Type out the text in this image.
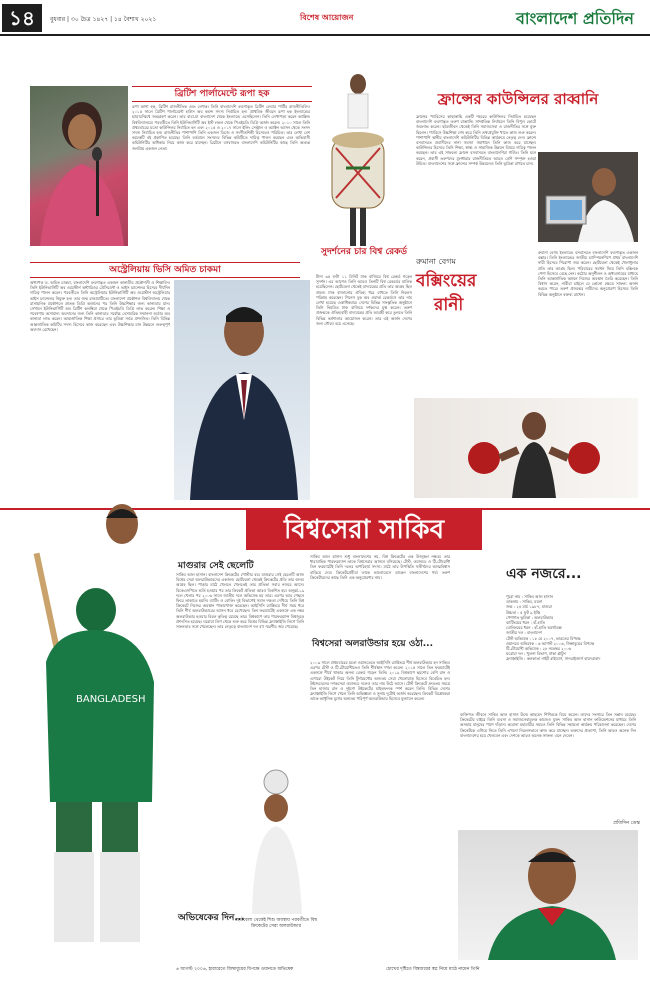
১৪	বুধবার | ৩০ চৈত্র ১৪২৭ | ১৪ বৈশাখ ২০২১	বিশেষ আয়োজন	বাংলাদেশ প্রতিদিন
ব্রিটিশ পার্লামেন্টে রূপা হক
রূপা আশা হক, ব্রিটিশ রাজনীতিক এবং লেখক। তিনি বাংলাদেশি বংশোদ্ভূত ব্রিটিশ লেবার পার্টির রাজনীতিবিদ। ২০১৫ সালে ব্রিটিশ পার্লামেন্টে হাউস অব কমন্স সদস্য নির্বাচিত হন। প্রাথমিক জীবনে রূপা হক ইংল্যান্ডের হ্যামারস্মিথে জন্মগ্রহণ করেন। তার বাবা-মা বাংলাদেশ থেকে ইংল্যান্ডে এসেছিলেন। তিনি লেখাপড়া করেন ক্যাম্ব্রিজ বিশ্ববিদ্যালয়ে। পরবর্তীতে তিনি ইউনিভার্সিটি অব ইস্ট লন্ডন থেকে পিএইচডি ডিগ্রি অর্জন করেন। ২০১০ সালে তিনি প্রথমবারের মতো কাউন্সিলর নির্বাচিত হন এবং ২০১৫ ও ২০১৭ সালে ইলিং সেন্ট্রাল ও অ্যাক্টন আসন থেকে সংসদ সদস্য নির্বাচিত হন। রাজনীতির পাশাপাশি তিনি একজন ডিজে ও সংগীতশিল্পী হিসেবেও পরিচিত। তার লেখা বেশ কয়েকটি বই প্রকাশিত হয়েছে। তিনি বর্তমানে সংসদের বিভিন্ন কমিটিতে দায়িত্ব পালন করছেন এবং অভিবাসী কমিউনিটির অধিকার নিয়ে কাজ করে যাচ্ছেন। ব্রিটেনে বসবাসরত বাংলাদেশি কমিউনিটির কাছে তিনি অত্যন্ত জনপ্রিয় একজন নেতা।
সুদর্শনের চার বিশ্ব রেকর্ড
টানা ৩৫ ঘণ্টা ১১ মিনিট ঢাক বাজিয়ে বিশ্ব রেকর্ড গড়েন সুদর্শন। এর আগেও তিনি আরও তিনটি বিশ্ব রেকর্ডের মালিক হয়েছিলেন। ছোটবেলা থেকেই বাদ্যযন্ত্রের প্রতি তার আগ্রহ ছিল প্রবল। ঢাক বাজানোর ঐতিহ্য ধরে রাখতে তিনি নিরলস পরিশ্রম করেছেন। গিনেস বুক অব ওয়ার্ল্ড রেকর্ডসে তার নাম লেখা হয়েছে একাধিকবার। দেশের বিভিন্ন সাংস্কৃতিক অনুষ্ঠানে তিনি নিয়মিত ঢাক বাজিয়ে দর্শকদের মুগ্ধ করেন। তরুণ প্রজন্মকে ঐতিহ্যবাহী বাদ্যযন্ত্রের প্রতি আগ্রহী করে তুলতে তিনি বিভিন্ন কর্মশালার আয়োজন করেন। তার এই অর্জন দেশের জন্য গৌরব বয়ে এনেছে।
ফ্রান্সের কাউন্সিলর রাব্বানি
ফ্রান্সের প্যারিসের কাছাকাছি একটি শহরের কাউন্সিলর নির্বাচিত হয়েছেন বাংলাদেশি বংশোদ্ভূত তরুণ রাব্বানি। সাম্প্রতিক নির্বাচনে তিনি বিপুল ভোটে জয়লাভ করেন। ছাত্রজীবন থেকেই তিনি সমাজসেবা ও রাজনীতির সঙ্গে যুক্ত ছিলেন। প্যারিসে উচ্চশিক্ষা শেষ করে তিনি তথ্যপ্রযুক্তি খাতে কাজ শুরু করেন। পাশাপাশি স্থানীয় বাংলাদেশি কমিউনিটির বিভিন্ন কার্যক্রমে নেতৃত্ব দেন। ফ্রান্সে বসবাসরত প্রবাসীদের নানা সমস্যা সমাধানে তিনি কাজ করে যাচ্ছেন। কাউন্সিলর হিসেবে তিনি শিক্ষা, স্বাস্থ্য ও সামাজিক উন্নয়ন বিষয়ে দায়িত্ব পালন করছেন। তার এই সাফল্যে ফ্রান্সে বসবাসরত বাংলাদেশিরা গর্বিত। তিনি মনে করেন, প্রবাসী তরুণদের মূলধারার রাজনীতিতে আরও বেশি সম্পৃক্ত হওয়া উচিত। বাংলাদেশের সঙ্গে ফ্রান্সের সম্পর্ক উন্নয়নেও তিনি ভূমিকা রাখতে চান।
অস্ট্রেলিয়ায় ভিসি অমিত চাকমা
অধ্যাপক ড. অমিত চাকমা, বাংলাদেশি বংশোদ্ভূত একজন কানাডীয় প্রকৌশলী ও শিক্ষাবিদ। তিনি ইউনিভার্সিটি অব ওয়েস্টার্ন অন্টারিওর প্রেসিডেন্ট ও ভাইস চ্যান্সেলর হিসেবে দীর্ঘদিন দায়িত্ব পালন করেন। পরবর্তীতে তিনি অস্ট্রেলিয়ার ইউনিভার্সিটি অব ওয়েস্টার্ন অস্ট্রেলিয়ার ভাইস চ্যান্সেলর নিযুক্ত হন। তার জন্ম রাঙামাটিতে। বাংলাদেশ প্রকৌশল বিশ্ববিদ্যালয় থেকে রাসায়নিক প্রকৌশলে স্নাতক ডিগ্রি অর্জনের পর তিনি উচ্চশিক্ষার জন্য কানাডায় যান। সেখানে ইউনিভার্সিটি অব ব্রিটিশ কলম্বিয়া থেকে পিএইচডি ডিগ্রি লাভ করেন। শিক্ষা ও গবেষণায় অসামান্য অবদানের জন্য তিনি কানাডার সর্বোচ্চ বেসামরিক সম্মাননা অর্ডার অব কানাডা লাভ করেন। আন্তর্জাতিক শিক্ষা প্রসারে তার ভূমিকা সর্বত্র প্রশংসিত। তিনি বিভিন্ন আন্তর্জাতিক কমিটির সদস্য হিসেবে কাজ করেছেন এবং উচ্চশিক্ষার মান উন্নয়নে গুরুত্বপূর্ণ অবদান রেখেছেন।
রুমানা বেগম
বক্সিংয়ের
রানী
রুমানা বেগম ইংল্যান্ডে বসবাসরত বাংলাদেশি বংশোদ্ভূত একজন বক্সার। তিনি ইংল্যান্ডের জাতীয় চ্যাম্পিয়নশিপে প্রথম বাংলাদেশি নারী হিসেবে শিরোপা জয় করেন। ছোটবেলা থেকেই খেলাধুলার প্রতি তার আগ্রহ ছিল। পরিবারের সমর্থন নিয়ে তিনি বক্সিংকে পেশা হিসেবে বেছে নেন। কঠোর অনুশীলন ও অধ্যবসায়ের মাধ্যমে তিনি আন্তর্জাতিক অঙ্গনে নিজের অবস্থান তৈরি করেছেন। তিনি বিশ্বাস করেন, নারীরা চাইলে যে কোনো ক্ষেত্রে সাফল্য অর্জন করতে পারে। তরুণ প্রজন্মের নারীদের অনুপ্রেরণা হিসেবে তিনি বিভিন্ন অনুষ্ঠানে বক্তব্য রাখেন।
বিশ্বসেরা সাকিব
BANGLADESH
মাগুরার সেই ছেলেটি
সাকিব আল হাসান। বাংলাদেশ ক্রিকেটের পোস্টার বয়। মাগুরার সেই ছেলেটি আজ বিশ্বের সেরা অলরাউন্ডারদের একজন। ছোটবেলা থেকেই ক্রিকেটের প্রতি তার অদম্য আগ্রহ ছিল। পাড়ার মাঠে খেলতে খেলতেই তার প্রতিভা সবার নজরে আসে। বিকেএসপিতে ভর্তি হওয়ার পর তার ক্রিকেট প্রতিভা আরও বিকশিত হয়। অনূর্ধ্ব-১৯ দলে খেলার পর ২০০৬ সালে জাতীয় দলে অভিষেক হয় তার। এরপর আর পেছনে ফিরে তাকাতে হয়নি। ব্যাটিং ও বোলিং দুই বিভাগেই সমান দক্ষতা দেখিয়ে তিনি বিশ্ব ক্রিকেটে নিজের অবস্থান পাকাপোক্ত করেছেন। আইসিসি র‍্যাঙ্কিংয়ে দীর্ঘ সময় ধরে তিনি শীর্ষ অলরাউন্ডারের আসন ধরে রেখেছেন। তিন ফরম্যাটেই একসঙ্গে এক নম্বর অলরাউন্ডার হওয়ার বিরল কৃতিত্ব রয়েছে তার। বিশ্বকাপে তার পারফরম্যান্স বিশ্বজুড়ে প্রশংসিত হয়েছে। ঘরোয়া লিগ থেকে শুরু করে বিশ্বের বিভিন্ন ফ্র্যাঞ্চাইজি লিগে তিনি সফলতার সঙ্গে খেলেছেন। তার নেতৃত্বে বাংলাদেশ দল বহু স্মরণীয় জয় পেয়েছে।
অভিষেকের দিন...
সাকিব আল হাসান শুধু বাংলাদেশের নয়, বিশ্ব ক্রিকেটের এক উজ্জ্বল নক্ষত্র। তার ধারাবাহিক পারফরম্যান্স তাকে বিশ্বসেরার আসনে বসিয়েছে। টেস্ট, ওয়ানডে ও টি-টোয়েন্টি তিন ফরম্যাটেই তিনি দলের অপরিহার্য সদস্য। মাঠে তার উপস্থিতি সতীর্থদের আত্মবিশ্বাস বাড়িয়ে দেয়। ক্রিকেটপ্রেমীরা তাকে ভালোবেসে ডাকেন বাংলাদেশের গর্ব। তরুণ ক্রিকেটারদের কাছে তিনি এক অনুপ্রেরণার নাম।
বিশ্বসেরা অলরাউন্ডার হয়ে ওঠা...
২০০৯ সালে প্রথমবারের মতো ওয়ানডেতে আইসিসি র‍্যাঙ্কিংয়ে শীর্ষ অলরাউন্ডার হন সাকিব। এরপর টেস্ট ও টি-টোয়েন্টিতেও তিনি শীর্ষস্থান দখল করেন। ২০১৫ সালে তিন ফরম্যাটেই একসঙ্গে শীর্ষে থাকার অনন্য রেকর্ড গড়েন তিনি। ২০১৯ বিশ্বকাপে ছয়শোর বেশি রান ও এগারো উইকেট নিয়ে তিনি টুর্নামেন্টের অন্যতম সেরা খেলোয়াড় হিসেবে বিবেচিত হন। উইজডেনের দশকসেরা ওয়ানডে দলেও তার নাম উঠে আসে। টেস্ট ক্রিকেটে দ্রুততম সময়ে তিন হাজার রান ও দুইশো উইকেটের মাইলফলক স্পর্শ করেন তিনি। বিভিন্ন দেশের ফ্র্যাঞ্চাইজি লিগে খেলে তিনি অভিজ্ঞতা ও সুনাম দুটোই অর্জন করেছেন। ক্রিকেট বিশ্লেষকরা তাকে আধুনিক যুগের অন্যতম পরিপূর্ণ অলরাউন্ডার হিসেবে মূল্যায়ন করেন।
ছোটবেলা থেকেই শিশু অবস্থায় পরবর্তীতে বিশ্ব ক্রিকেটের সেরা অলরাউন্ডার
এক নজরে...
পুরো নাম : সাকিব আল হাসান
ডাকনাম : সাকিব, ময়না
জন্ম : ২৪ মার্চ ১৯৮৭, মাগুরা
উচ্চতা : ৫ ফুট ৯ ইঞ্চি
পেশাগত ভূমিকা : অলরাউন্ডার
ব্যাটিংয়ের ধরন : বাঁ-হাতি
বোলিংয়ের ধরন : বাঁ-হাতি অর্থোডক্স
জাতীয় দল : বাংলাদেশ
টেস্ট অভিষেক : ১৮ মে ২০০৭, ভারতের বিপক্ষে
ওয়ানডে অভিষেক : ৬ আগস্ট ২০০৬, জিম্বাবুয়ের বিপক্ষে
টি-টোয়েন্টি অভিষেক : ২৮ নভেম্বর ২০০৬
ঘরোয়া দল : খুলনা বিভাগ, ঢাকা প্লাটুন
ফ্র্যাঞ্চাইজি : কলকাতা নাইট রাইডার্স, সানরাইজার্স হায়দরাবাদ
ব্যক্তিগত জীবনে সাকিব আল হাসান উম্মে আহমেদ শিশিরকে বিয়ে করেন। তাদের সংসারে তিন সন্তান রয়েছে। ক্রিকেটের বাইরে তিনি ব্যবসা ও সমাজসেবামূলক কাজেও যুক্ত। সাকিব আল হাসান ফাউন্ডেশনের মাধ্যমে তিনি অসহায় মানুষের পাশে দাঁড়ান। করোনা মহামারীর সময়ও তিনি বিভিন্ন সহায়তা কার্যক্রম পরিচালনা করেছেন। দেশের ক্রিকেটকে এগিয়ে নিতে তিনি এখনো নিরলসভাবে কাজ করে যাচ্ছেন। ভক্তদের প্রত্যাশা, তিনি আরও অনেক দিন বাংলাদেশের হয়ে খেলবেন এবং দেশকে আরও অনেক সাফল্য এনে দেবেন।
প্রতিদিন ডেস্ক
৬ আগস্ট ২০০৬, হারারেতে জিম্বাবুয়ের বিপক্ষে ওয়ানডে অভিষেক	চোখের দৃষ্টিতে বিশ্বজয়ের স্বপ্ন নিয়ে মাঠে নামেন তিনি
